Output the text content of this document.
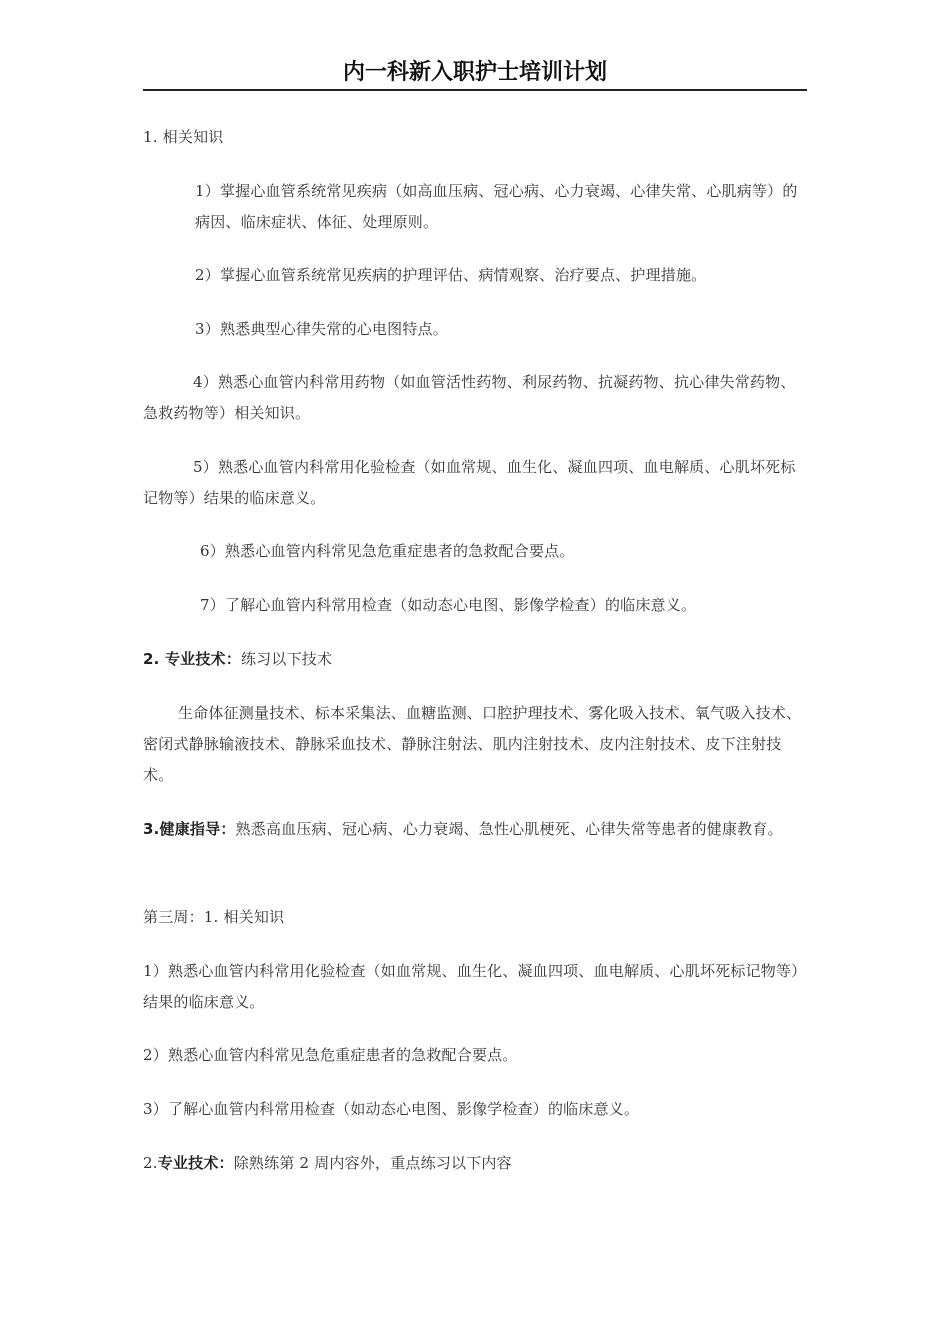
内一科新入职护士培训计划

1. 相关知识

1）掌握心血管系统常见疾病（如高血压病、冠心病、心力衰竭、心律失常、心肌病等）的病因、临床症状、体征、处理原则。

2）掌握心血管系统常见疾病的护理评估、病情观察、治疗要点、护理措施。

3）熟悉典型心律失常的心电图特点。

4）熟悉心血管内科常用药物（如血管活性药物、利尿药物、抗凝药物、抗心律失常药物、急救药物等）相关知识。

5）熟悉心血管内科常用化验检查（如血常规、血生化、凝血四项、血电解质、心肌坏死标记物等）结果的临床意义。

6）熟悉心血管内科常见急危重症患者的急救配合要点。

7）了解心血管内科常用检查（如动态心电图、影像学检查）的临床意义。

2. 专业技术：练习以下技术

生命体征测量技术、标本采集法、血糖监测、口腔护理技术、雾化吸入技术、氧气吸入技术、密闭式静脉输液技术、静脉采血技术、静脉注射法、肌内注射技术、皮内注射技术、皮下注射技术。

3.健康指导：熟悉高血压病、冠心病、心力衰竭、急性心肌梗死、心律失常等患者的健康教育。

第三周：1. 相关知识

1）熟悉心血管内科常用化验检查（如血常规、血生化、凝血四项、血电解质、心肌坏死标记物等）结果的临床意义。

2）熟悉心血管内科常见急危重症患者的急救配合要点。

3）了解心血管内科常用检查（如动态心电图、影像学检查）的临床意义。

2.专业技术：除熟练第 2 周内容外，重点练习以下内容
